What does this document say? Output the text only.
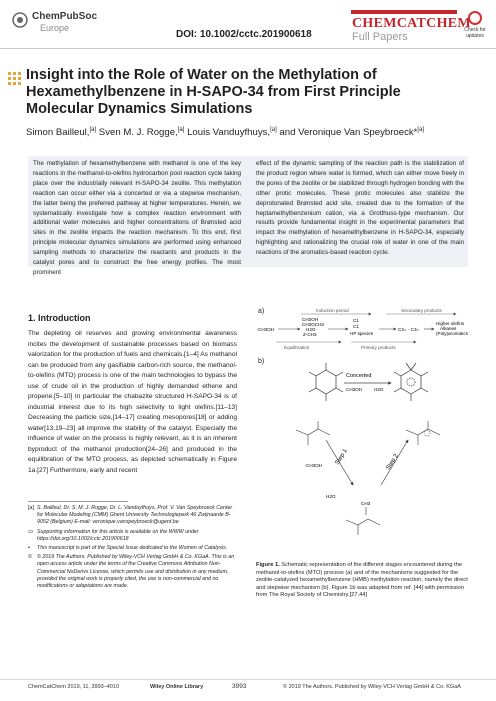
ChemPubSoc
Europe
DOI: 10.1002/cctc.201900618
CHEMCATCHEM
Full Papers
Check for
updates
Insight into the Role of Water on the Methylation of Hexamethylbenzene in H-SAPO-34 from First Principle Molecular Dynamics Simulations
Simon Bailleul,[a] Sven M. J. Rogge,[a] Louis Vanduyfhuys,[a] and Veronique Van Speybroeck*[a]
The methylation of hexamethylbenzene with methanol is one of the key reactions in the methanol-to-olefins hydrocarbon pool reaction cycle taking place over the industrially relevant H-SAPO-34 zeolite. This methylation reaction can occur either via a concerted or via a stepwise mechanism, the latter being the preferred pathway at higher temperatures. Herein, we systematically investigate how a complex reaction environment with additional water molecules and higher concentrations of Brønsted acid sites in the zeolite impacts the reaction mechanism. To this end, first principle molecular dynamics simulations are performed using enhanced sampling methods to characterize the reactants and products in the catalyst pores and to construct the free energy profiles. The most prominent
effect of the dynamic sampling of the reaction path is the stabilization of the product region where water is formed, which can either move freely in the pores of the zeolite or be stabilized through hydrogen bonding with the other protic molecules. These protic molecules also stabilize the deprotonated Brønsted acid site, created due to the formation of the heptamethylbenzenium cation, via a Grotthuss-type mechanism. Our results provide fundamental insight in the experimental parameters that impact the methylation of hexamethylbenzene in H-SAPO-34, especially highlighting and rationalizing the crucial role of water in one of the main reactions of the aromatics-based reaction cycle.
1. Introduction
The depleting oil reserves and growing environmental awareness incites the development of sustainable processes based on biomass valorization for the production of fuels and chemicals.[1–4] As methanol can be produced from any gasifiable carbon-rich source, the methanol-to-olefins (MTO) process is one of the main technologies to bypass the use of crude oil in the production of highly demanded ethene and propene.[5–10] In particular the chabazite structured H-SAPO-34 is of industrial interest due to its high selectivity to light olefins.[11–13] Decreasing the particle size,[14–17] creating mesopores[18] or adding water[13,19–23] all improve the stability of the catalyst. Especially the influence of water on the process is highly relevant, as it is an inherent byproduct of the methanol production[24–26] and produced in the equilibration of the MTO process, as depicted schematically in Figure 1a.[27] Furthermore, early and recent
[a] S. Bailleul, Dr. S. M. J. Rogge, Dr. L. Vanduyfhuys, Prof. V. Van Speybroeck Center for Molecular Modeling (CMM) Ghent University Technologiepark 46 Zwijnaarde B-9052 (Belgium) E-mail: veronique.vanspeybroeck@ugent.be
▭ Supporting information for this article is available on the WWW under https://doi.org/10.1002/cctc.201900618
▪	This manuscript is part of the Special Issue dedicated to the Women of Catalysis.
© © 2019 The Authors. Published by Wiley-VCH Verlag GmbH & Co. KGaA. This is an open access article under the terms of the Creative Commons Attribution Non-Commercial NoDerivs License, which permits use and distribution in any medium, provided the original work is properly cited, the use is non-commercial and no modifications or adaptations are made.
a)	Induction period	Secondary products
CH3OH
CH3OH
CH3OCH3
H2O
Z-CH3
C1
C1
HP species
C2= - C3=
Higher olefins
Alkanes
(Poly)aromatics
Equilibration	Primary products
b)
Concerted
CH3OH	H2O
Step 1	Step 2
CH3OH
H2O
CH3
Figure 1. Schematic representation of the different stages encountered during the methanol-to-olefins (MTO) process (a) and of the mechanisms suggested for the zeolite-catalyzed hexamethylbenzene (HMB) methylation reaction, namely the direct and stepwise mechanism (b). Figure 1b was adapted from ref. [44] with permission from The Royal Society of Chemistry.[27,44]
ChemCatChem 2019, 11, 3993–4010	Wiley Online Library	3993	© 2019 The Authors. Published by Wiley-VCH Verlag GmbH & Co. KGaA
